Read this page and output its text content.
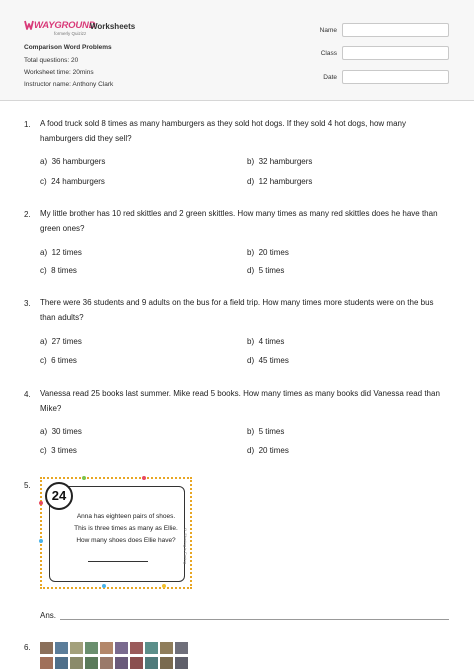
WAYGROUND
formerly Quizizz
Worksheets
Comparison Word Problems
Total questions: 20
Worksheet time: 20mins
Instructor name: Anthony Clark
Name
Class
Date
1. A food truck sold 8 times as many hamburgers as they sold hot dogs. If they sold 4 hot dogs, how many
hamburgers did they sell?
a) 36 hamburgers	b) 32 hamburgers
c) 24 hamburgers	d) 12 hamburgers
2. My little brother has 10 red skittles and 2 green skittles. How many times as many red skittles does he have than
green ones?
a) 12 times	b) 20 times
c) 8 times	d) 5 times
3. There were 36 students and 9 adults on the bus for a field trip. How many times more students were on the bus
than adults?
a) 27 times	b) 4 times
c) 6 times	d) 45 times
4. Vanessa read 25 books last summer. Mike read 5 books. How many times as many books did Vanessa read than
Mike?
a) 30 times	b) 5 times
c) 3 times	d) 20 times
5.
Anna has eighteen pairs of shoes.
This is three times as many as Ellie.
How many shoes does Ellie have?
24
© Sharing is Caring
Ans.
6.
